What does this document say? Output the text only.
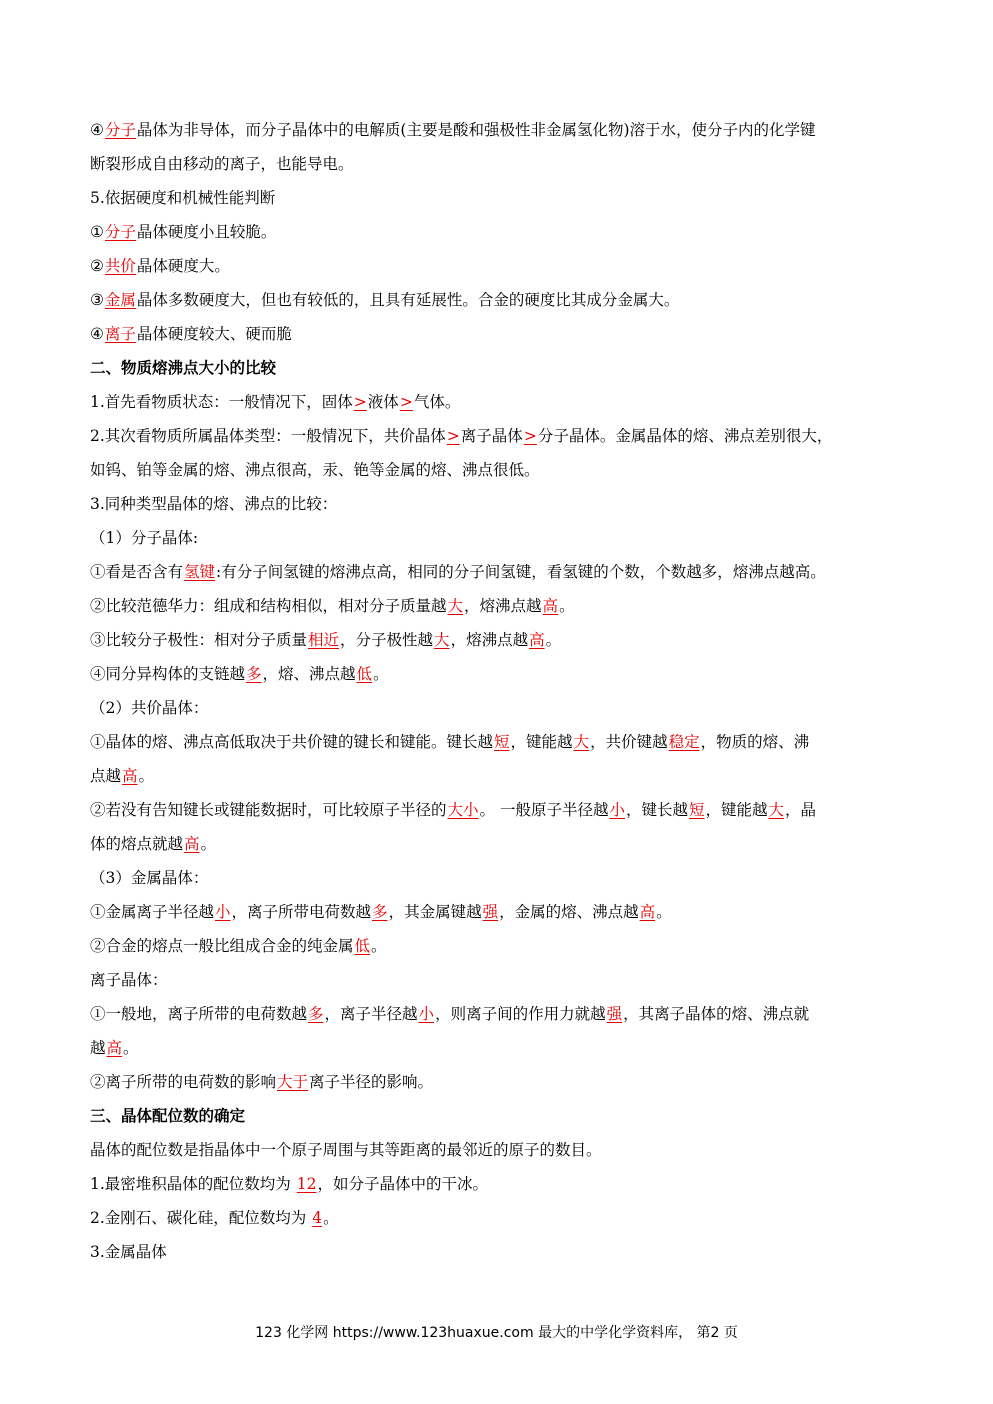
④分子晶体为非导体，而分子晶体中的电解质(主要是酸和强极性非金属氢化物)溶于水，使分子内的化学键
断裂形成自由移动的离子，也能导电。
5.依据硬度和机械性能判断
①分子晶体硬度小且较脆。
②共价晶体硬度大。
③金属晶体多数硬度大，但也有较低的，且具有延展性。合金的硬度比其成分金属大。
④离子晶体硬度较大、硬而脆
二、物质熔沸点大小的比较
1.首先看物质状态：一般情况下，固体>液体>气体。
2.其次看物质所属晶体类型：一般情况下，共价晶体>离子晶体>分子晶体。金属晶体的熔、沸点差别很大，
如钨、铂等金属的熔、沸点很高，汞、铯等金属的熔、沸点很低。
3.同种类型晶体的熔、沸点的比较：
（1）分子晶体:
①看是否含有氢键:有分子间氢键的熔沸点高，相同的分子间氢键，看氢键的个数，个数越多，熔沸点越高。
②比较范德华力：组成和结构相似，相对分子质量越大，熔沸点越高。
③比较分子极性：相对分子质量相近，分子极性越大，熔沸点越高。
④同分异构体的支链越多，熔、沸点越低。
（2）共价晶体：
①晶体的熔、沸点高低取决于共价键的键长和键能。键长越短，键能越大，共价键越稳定，物质的熔、沸
点越高。
②若没有告知键长或键能数据时，可比较原子半径的大小。 一般原子半径越小，键长越短，键能越大，晶
体的熔点就越高。
（3）金属晶体：
①金属离子半径越小，离子所带电荷数越多，其金属键越强，金属的熔、沸点越高。
②合金的熔点一般比组成合金的纯金属低。
离子晶体：
①一般地，离子所带的电荷数越多，离子半径越小，则离子间的作用力就越强，其离子晶体的熔、沸点就
越高。
②离子所带的电荷数的影响大于离子半径的影响。
三、晶体配位数的确定
晶体的配位数是指晶体中一个原子周围与其等距离的最邻近的原子的数目。
1.最密堆积晶体的配位数均为 12，如分子晶体中的干冰。
2.金刚石、碳化硅，配位数均为 4。
3.金属晶体
123 化学网 https://www.123huaxue.com 最大的中学化学资料库， 第2 页
